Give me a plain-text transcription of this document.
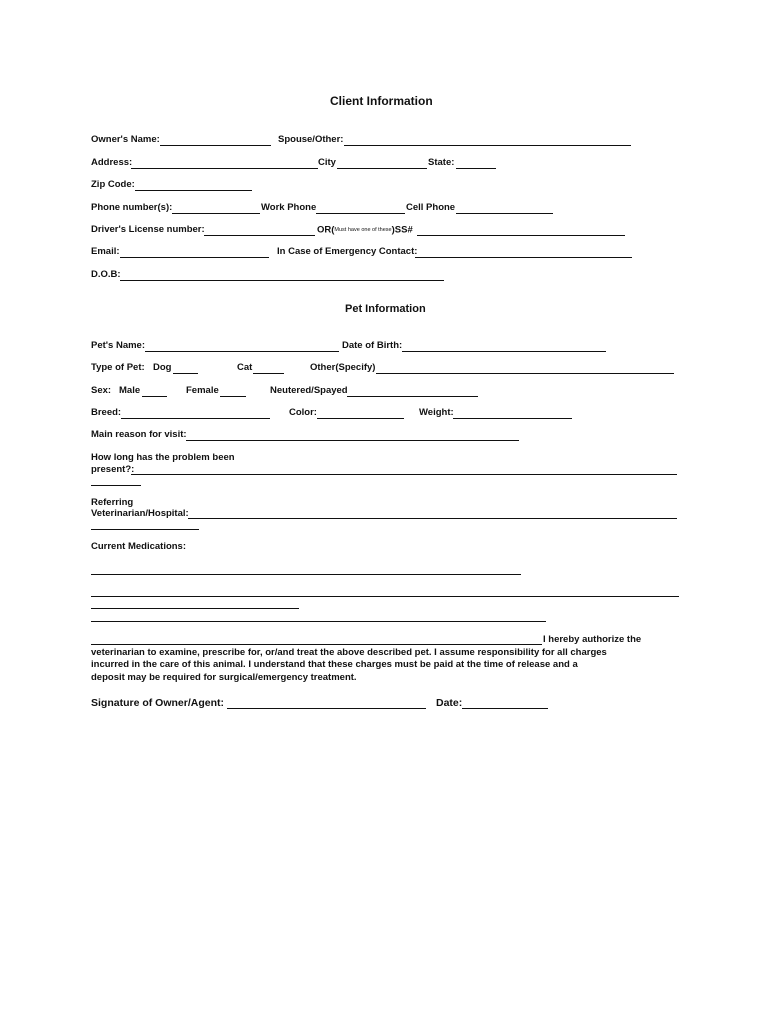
Client Information
Owner's Name:	Spouse/Other:
Address:	City	State:
Zip Code:
Phone number(s):	Work Phone	Cell Phone
Driver's License number:	OR(Must have one of these)SS#
Email:	In Case of Emergency Contact:
D.O.B:
Pet Information
Pet's Name:	Date of Birth:
Type of Pet: Dog	Cat	Other(Specify)
Sex: Male	Female	Neutered/Spayed
Breed:	Color:	Weight:
Main reason for visit:
How long has the problem been
present?:
Referring
Veterinarian/Hospital:
Current Medications:
I hereby authorize the
veterinarian to examine, prescribe for, or/and treat the above described pet. I assume responsibility for all charges
incurred in the care of this animal. I understand that these charges must be paid at the time of release and a
deposit may be required for surgical/emergency treatment.
Signature of Owner/Agent:	Date:
